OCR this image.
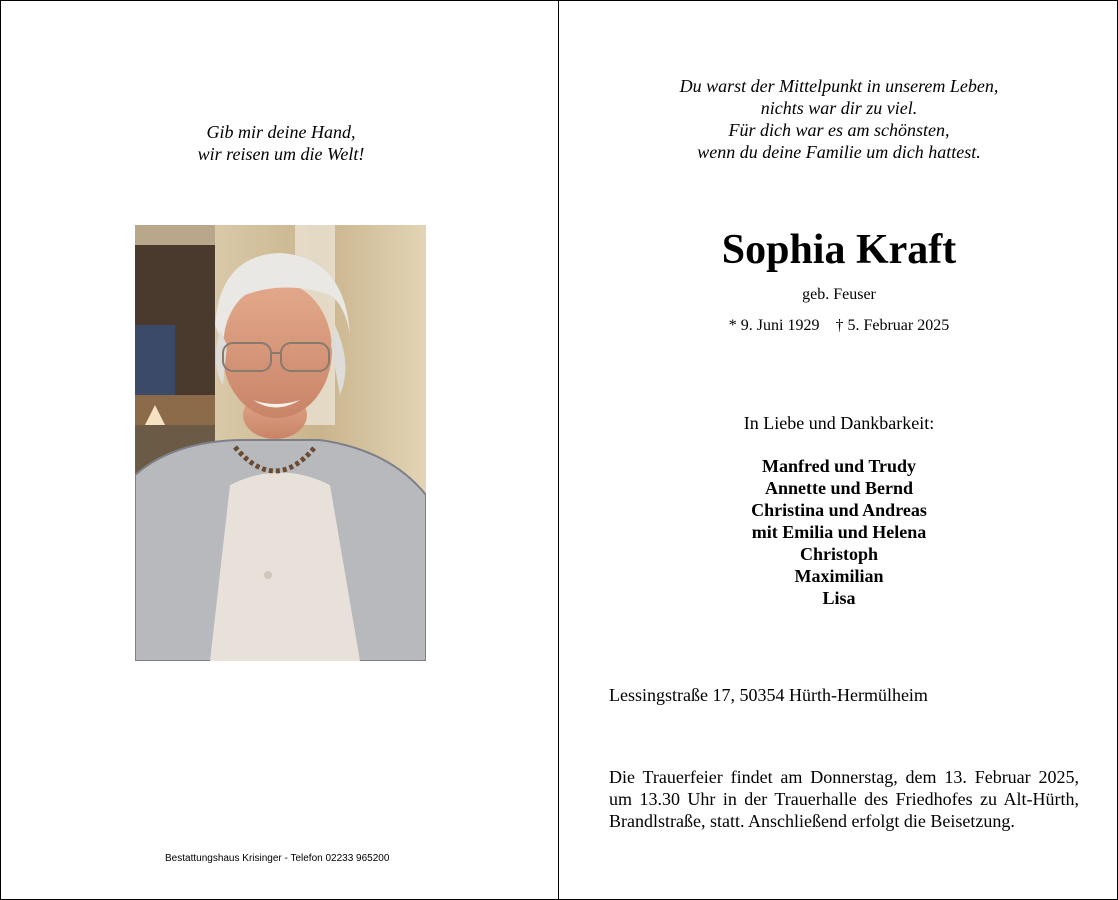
Gib mir deine Hand,
wir reisen um die Welt!
Bestattungshaus Krisinger - Telefon 02233 965200
Du warst der Mittelpunkt in unserem Leben,
nichts war dir zu viel.
Für dich war es am schönsten,
wenn du deine Familie um dich hattest.
Sophia Kraft
geb. Feuser
* 9. Juni 1929 † 5. Februar 2025
In Liebe und Dankbarkeit:
Manfred und Trudy
Annette und Bernd
Christina und Andreas
mit Emilia und Helena
Christoph
Maximilian
Lisa
Lessingstraße 17, 50354 Hürth-Hermülheim
Die Trauerfeier findet am Donnerstag, dem 13. Februar 2025, um 13.30 Uhr in der Trauerhalle des Friedhofes zu Alt-Hürth, Brandlstraße, statt. Anschließend erfolgt die Beisetzung.
